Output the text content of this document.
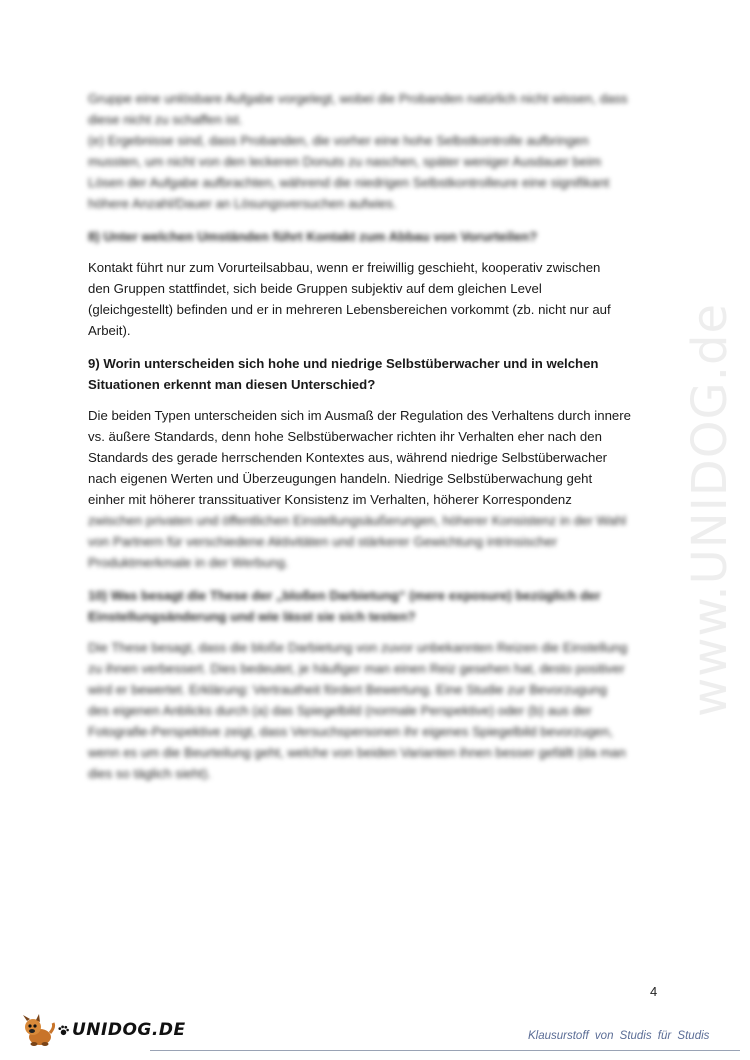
www.UNIDOG.de

Gruppe eine unlösbare Aufgabe vorgelegt, wobei die Probanden natürlich nicht wissen, dass
diese nicht zu schaffen ist.
(e) Ergebnisse sind, dass Probanden, die vorher eine hohe Selbstkontrolle aufbringen
mussten, um nicht von den leckeren Donuts zu naschen, später weniger Ausdauer beim
Lösen der Aufgabe aufbrachten, während die niedrigen Selbstkontrolleure eine signifikant
höhere Anzahl/Dauer an Lösungsversuchen aufwies.

8) Unter welchen Umständen führt Kontakt zum Abbau von Vorurteilen?

Kontakt führt nur zum Vorurteilsabbau, wenn er freiwillig geschieht, kooperativ zwischen
den Gruppen stattfindet, sich beide Gruppen subjektiv auf dem gleichen Level
(gleichgestellt) befinden und er in mehreren Lebensbereichen vorkommt (zb. nicht nur auf
Arbeit).

9) Worin unterscheiden sich hohe und niedrige Selbstüberwacher und in welchen
Situationen erkennt man diesen Unterschied?

Die beiden Typen unterscheiden sich im Ausmaß der Regulation des Verhaltens durch innere
vs. äußere Standards, denn hohe Selbstüberwacher richten ihr Verhalten eher nach den
Standards des gerade herrschenden Kontextes aus, während niedrige Selbstüberwacher
nach eigenen Werten und Überzeugungen handeln. Niedrige Selbstüberwachung geht
einher mit höherer transsituativer Konsistenz im Verhalten, höherer Korrespondenz
zwischen privaten und öffentlichen Einstellungsäußerungen, höherer Konsistenz in der Wahl
von Partnern für verschiedene Aktivitäten und stärkerer Gewichtung intrinsischer
Produktmerkmale in der Werbung.

10) Was besagt die These der „bloßen Darbietung“ (mere exposure) bezüglich der
Einstellungsänderung und wie lässt sie sich testen?

Die These besagt, dass die bloße Darbietung von zuvor unbekannten Reizen die Einstellung
zu ihnen verbessert. Dies bedeutet, je häufiger man einen Reiz gesehen hat, desto positiver
wird er bewertet. Erklärung: Vertrautheit fördert Bewertung. Eine Studie zur Bevorzugung
des eigenen Anblicks durch (a) das Spiegelbild (normale Perspektive) oder (b) aus der
Fotografie-Perspektive zeigt, dass Versuchspersonen ihr eigenes Spiegelbild bevorzugen,
wenn es um die Beurteilung geht, welche von beiden Varianten ihnen besser gefällt (da man
dies so täglich sieht).

4
UNIDOG.DE	Klausurstoff von Studis für Studis
